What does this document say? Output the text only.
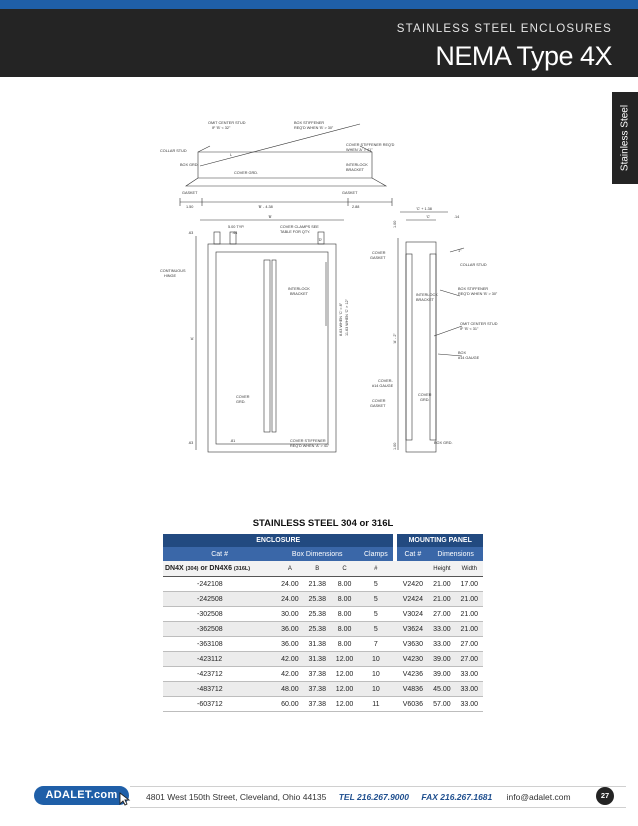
STAINLESS STEEL ENCLOSURES
NEMA Type 4X
Stainless Steel
OMIT CENTER STUD
IF 'B' < 32"
BOX STIFFENER
REQ'D WHEN 'B' > 30"
COLLAR STUD
COVER STIFFENER REQ'D
WHEN 'A' > 41"
BOX GRD.	INTERLOCK
BRACKET
COVER GRD.
L
GASKET	GASKET
1.50	'B' - 4.38	2.88
'B'
5.00 TYP.
.44
COVER CLAMPS SEE
TABLE FOR QTY.
'D'
CONTINUOUS
HINGE
INTERLOCK
BRACKET
'A'
.63
.63
8.63 WHEN 'C' = 8" 11.63 WHEN 'C' > 12"
COVER
GRD.
.81	COVER STIFFENER
REQ'D WHEN 'A' > 41"
'C' + 1.38
'C'	.14
1"
1.00
1.00
'A' - 2"
COVER
GASKET
COLLAR STUD
BOX STIFFENER
REQ'D WHEN 'B' > 30"
INTERLOCK
BRACKET
OMIT CENTER STUD
IF 'B' < 31"
BOX
#14 GAUGE
COVER-
#14 GAUGE
COVER
GASKET
COVER
GRD.
BOX GRD.
STAINLESS STEEL 304 or 316L
ENCLOSURE						MOUNTING PANEL		
Cat #	Box Dimensions			Clamps		Cat #	Dimensions	
DN4X (304) or DN4X6 (316L)	A	B	C	#			Height	Width
-242108	24.00	21.38	8.00	5		V2420	21.00	17.00
-242508	24.00	25.38	8.00	5		V2424	21.00	21.00
-302508	30.00	25.38	8.00	5		V3024	27.00	21.00
-362508	36.00	25.38	8.00	5		V3624	33.00	21.00
-363108	36.00	31.38	8.00	7		V3630	33.00	27.00
-423112	42.00	31.38	12.00	10		V4230	39.00	27.00
-423712	42.00	37.38	12.00	10		V4236	39.00	33.00
-483712	48.00	37.38	12.00	10		V4836	45.00	33.00
-603712	60.00	37.38	12.00	11		V6036	57.00	33.00
ADALET.com	4801 West 150th Street, Cleveland, Ohio 44135 TEL 216.267.9000 FAX 216.267.1681 info@adalet.com	27
